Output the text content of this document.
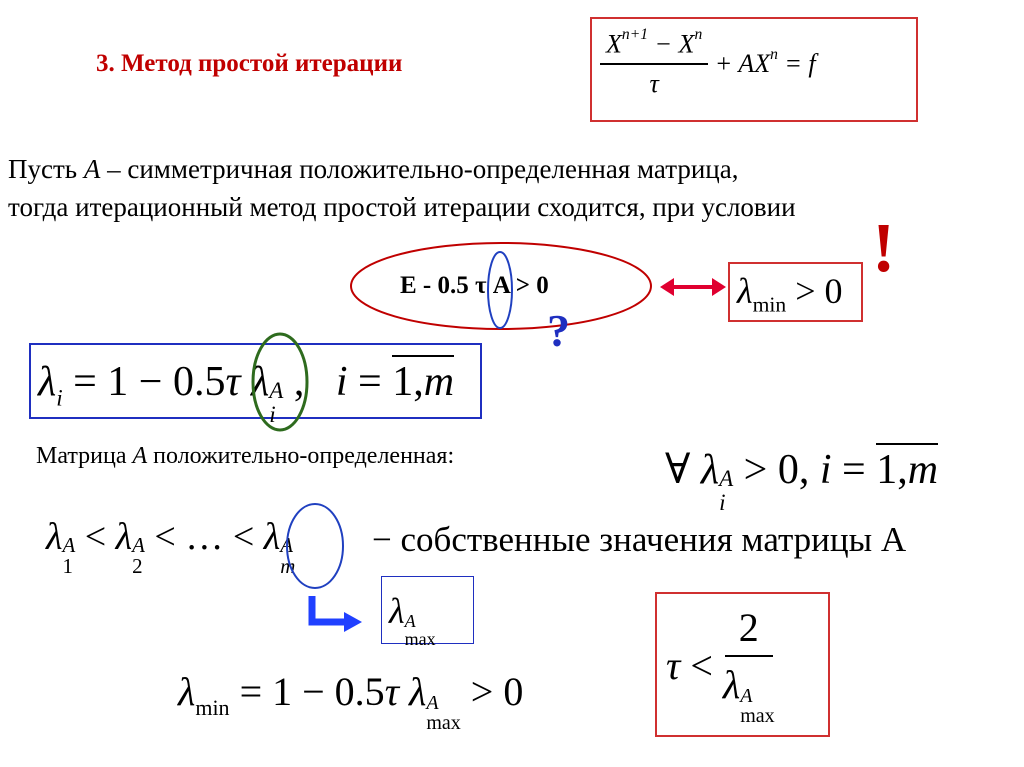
3. Метод простой итерации	$\frac{X^{n+1} - X^n}{\tau} + AX^n = f$
Пусть A – симметричная положительно-определенная матрица,
тогда итерационный метод простой итерации сходится, при условии
E - 0.5 τ A > 0	$\lambda_{min} > 0$
!
?
$\lambda_i = 1 - 0.5\tau$ λ A
i
,   i = 1,m
Матрица A положительно-определенная:	∀ λ A
i
> 0, i = 1,m
λ A
1
< λ A
2
< … < λ A
m
− собственные значения матрицы A
λ A
max
$\lambda_{min} = 1 - 0.5\tau$ λ A
max
> 0
τ < 2
λ A
max
